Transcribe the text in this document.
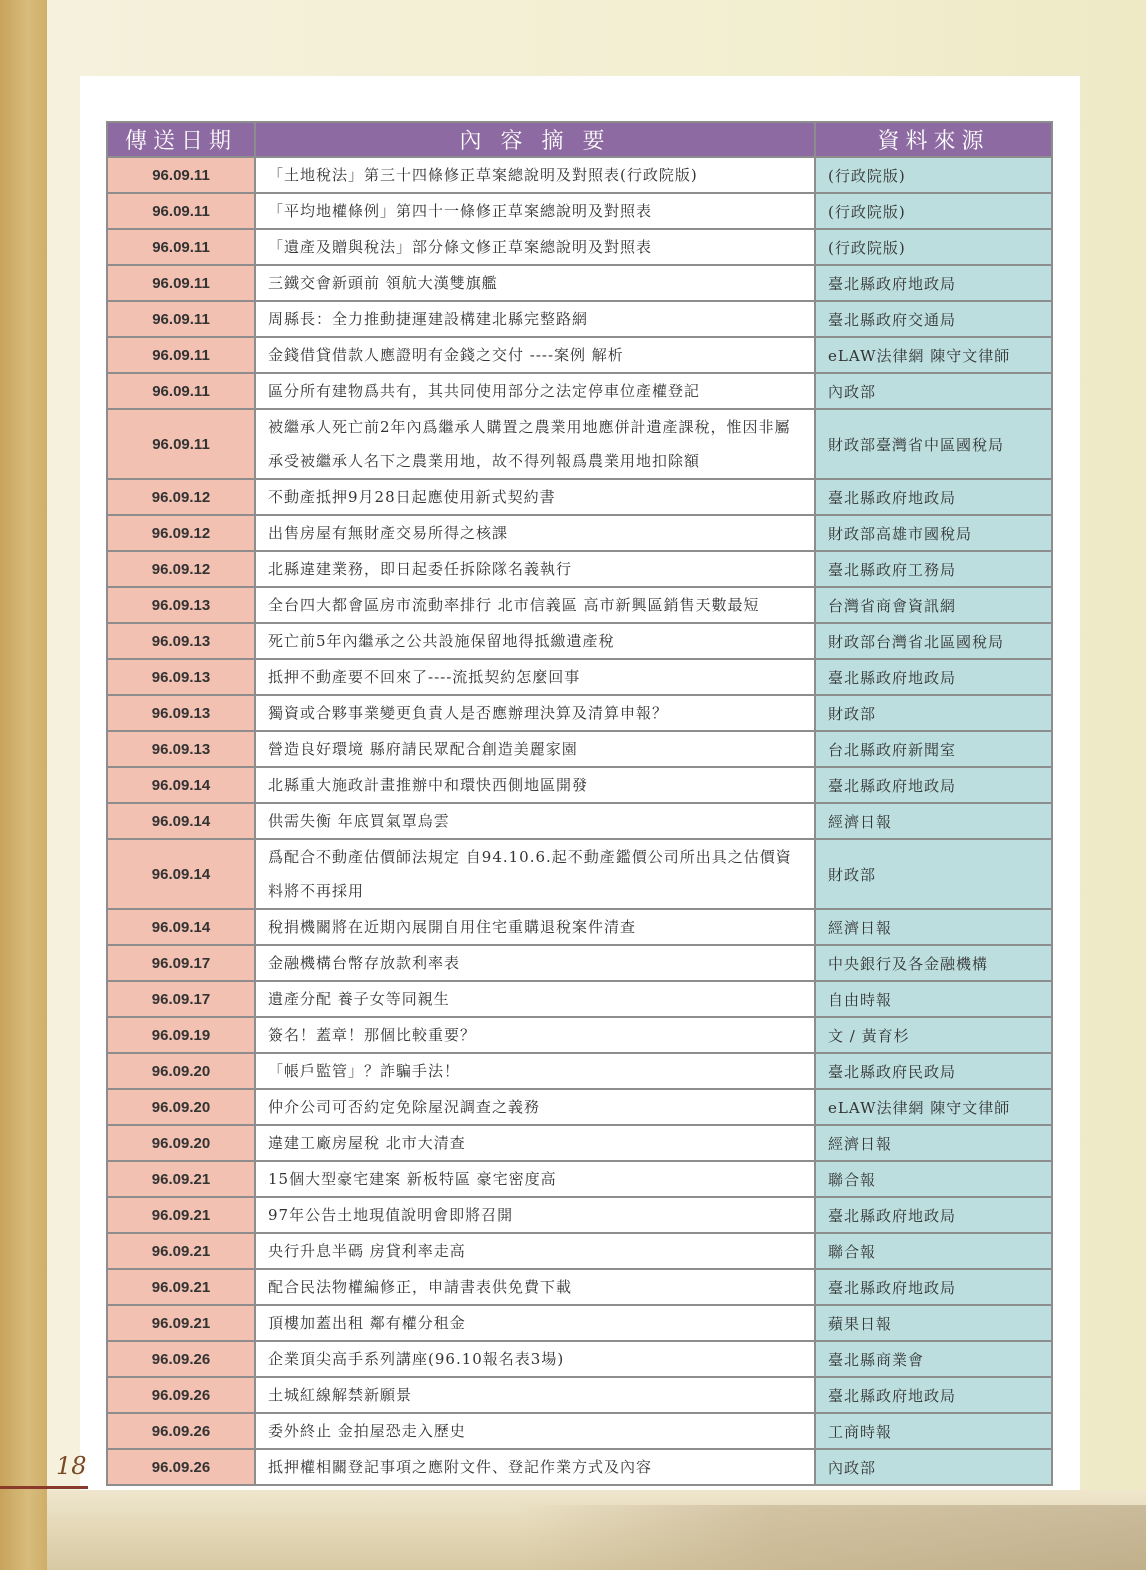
傳送日期	內 容 摘 要	資料來源
96.09.11	「土地稅法」第三十四條修正草案總說明及對照表(行政院版)	(行政院版)
96.09.11	「平均地權條例」第四十一條修正草案總說明及對照表	(行政院版)
96.09.11	「遺產及贈與稅法」部分條文修正草案總說明及對照表	(行政院版)
96.09.11	三鐵交會新頭前 領航大漢雙旗艦	臺北縣政府地政局
96.09.11	周縣長：全力推動捷運建設構建北縣完整路網	臺北縣政府交通局
96.09.11	金錢借貸借款人應證明有金錢之交付 ----案例 解析	eLAW法律網 陳守文律師
96.09.11	區分所有建物爲共有，其共同使用部分之法定停車位產權登記	內政部
96.09.11	被繼承人死亡前2年內爲繼承人購置之農業用地應併計遺產課稅，惟因非屬承受被繼承人名下之農業用地，故不得列報爲農業用地扣除額	財政部臺灣省中區國稅局
96.09.12	不動產抵押9月28日起應使用新式契約書	臺北縣政府地政局
96.09.12	出售房屋有無財產交易所得之核課	財政部高雄市國稅局
96.09.12	北縣違建業務，即日起委任拆除隊名義執行	臺北縣政府工務局
96.09.13	全台四大都會區房市流動率排行 北市信義區 高市新興區銷售天數最短	台灣省商會資訊網
96.09.13	死亡前5年內繼承之公共設施保留地得抵繳遺產稅	財政部台灣省北區國稅局
96.09.13	抵押不動產要不回來了----流抵契約怎麼回事	臺北縣政府地政局
96.09.13	獨資或合夥事業變更負責人是否應辦理決算及清算申報？	財政部
96.09.13	營造良好環境 縣府請民眾配合創造美麗家園	台北縣政府新聞室
96.09.14	北縣重大施政計畫推辦中和環快西側地區開發	臺北縣政府地政局
96.09.14	供需失衡 年底買氣罩烏雲	經濟日報
96.09.14	爲配合不動產估價師法規定 自94.10.6.起不動產鑑價公司所出具之估價資料將不再採用	財政部
96.09.14	稅捐機關將在近期內展開自用住宅重購退稅案件清查	經濟日報
96.09.17	金融機構台幣存放款利率表	中央銀行及各金融機構
96.09.17	遺產分配 養子女等同親生	自由時報
96.09.19	簽名！蓋章！那個比較重要？	文 / 黃育杉
96.09.20	「帳戶監管」？詐騙手法！	臺北縣政府民政局
96.09.20	仲介公司可否約定免除屋況調查之義務	eLAW法律網 陳守文律師
96.09.20	違建工廠房屋稅 北市大清查	經濟日報
96.09.21	15個大型豪宅建案 新板特區 豪宅密度高	聯合報
96.09.21	97年公告土地現值說明會即將召開	臺北縣政府地政局
96.09.21	央行升息半碼 房貸利率走高	聯合報
96.09.21	配合民法物權編修正，申請書表供免費下載	臺北縣政府地政局
96.09.21	頂樓加蓋出租 鄰有權分租金	蘋果日報
96.09.26	企業頂尖高手系列講座(96.10報名表3場)	臺北縣商業會
96.09.26	土城紅線解禁新願景	臺北縣政府地政局
96.09.26	委外終止 金拍屋恐走入歷史	工商時報
96.09.26	抵押權相關登記事項之應附文件、登記作業方式及內容	內政部
18
